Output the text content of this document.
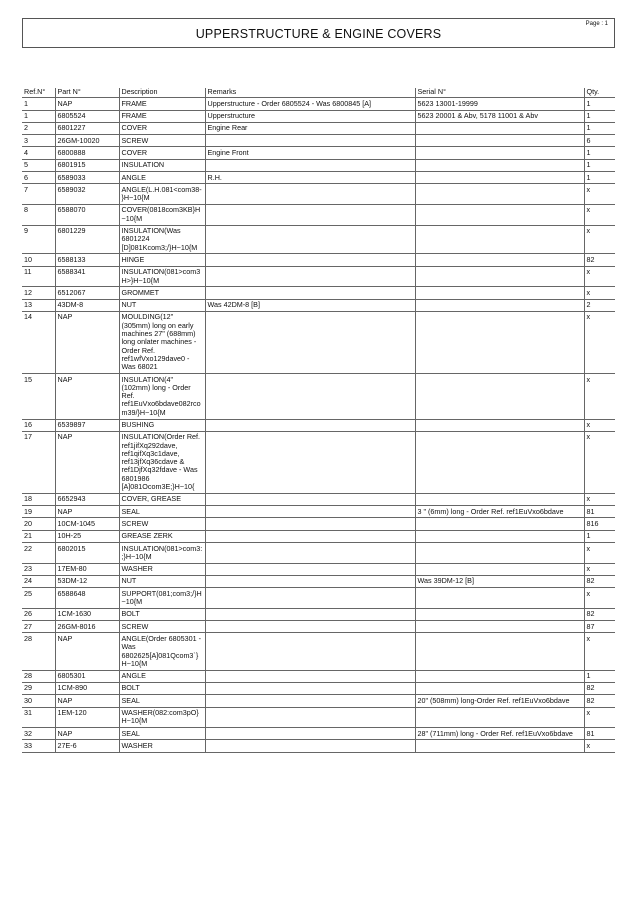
Page : 1
UPPERSTRUCTURE & ENGINE COVERS
Ref.N°	Part N°	Description	Remarks	Serial N°	Qty.
1	NAP	FRAME	Upperstructure - Order 6805524 - Was 6800845 [A]	5623 13001-19999	1
1	6805524	FRAME	Upperstructure	5623 20001 & Abv, 5178 11001 & Abv	1
2	6801227	COVER	Engine Rear		1
3	26GM-10020	SCREW			6
4	6800888	COVER	Engine Front		1
5	6801915	INSULATION			1
6	6589033	ANGLE	R.H.		1
7	6589032	ANGLE(L.H.081<com38-}H~10{M			x
8	6588070	COVER(0818com3KB}H~10{M			x
9	6801229	INSULATION(Was 6801224 [D]081Kcom3;/}H~10{M			x
10	6588133	HINGE			82
11	6588341	INSULATION(081>com3H>}H~10{M			x
12	6512067	GROMMET			x
13	43DM-8	NUT	Was 42DM-8 [B]		2
14	NAP	MOULDING(12" (305mm) long on early machines 27" (688mm) long onlater machines - Order Ref. ref1wfVxo129dave0 - Was 68021			x
15	NAP	INSULATION(4" (102mm) long - Order Ref. ref1EuVxo6bdave082rcom39/}H~10{M			x
16	6539897	BUSHING			x
17	NAP	INSULATION(Order Ref. ref1jifXq292dave, ref1qifXq3c1dave, ref13jfXq36cdave & ref1DjfXq32fdave - Was 6801986 [A]081Ocom3E;}H~10{			x
18	6652943	COVER, GREASE			x
19	NAP	SEAL		3 " (6mm) long - Order Ref. ref1EuVxo6bdave	81
20	10CM-1045	SCREW			816
21	10H-25	GREASE ZERK			1
22	6802015	INSULATION(081>com3:;}H~10{M			x
23	17EM-80	WASHER			x
24	53DM-12	NUT		Was 39DM-12 [B]	82
25	6588648	SUPPORT(081;com3;/}H~10{M			x
26	1CM-1630	BOLT			82
27	26GM-8016	SCREW			87
28	NAP	ANGLE(Order 6805301 - Was 6802625[A]081Qcom3`}H~10{M			x
28	6805301	ANGLE			1
29	1CM-890	BOLT			82
30	NAP	SEAL		20" (508mm) long-Order Ref. ref1EuVxo6bdave	82
31	1EM-120	WASHER(082:com3pO}H~10{M			x
32	NAP	SEAL		28" (711mm) long - Order Ref. ref1EuVxo6bdave	81
33	27E-6	WASHER			x
